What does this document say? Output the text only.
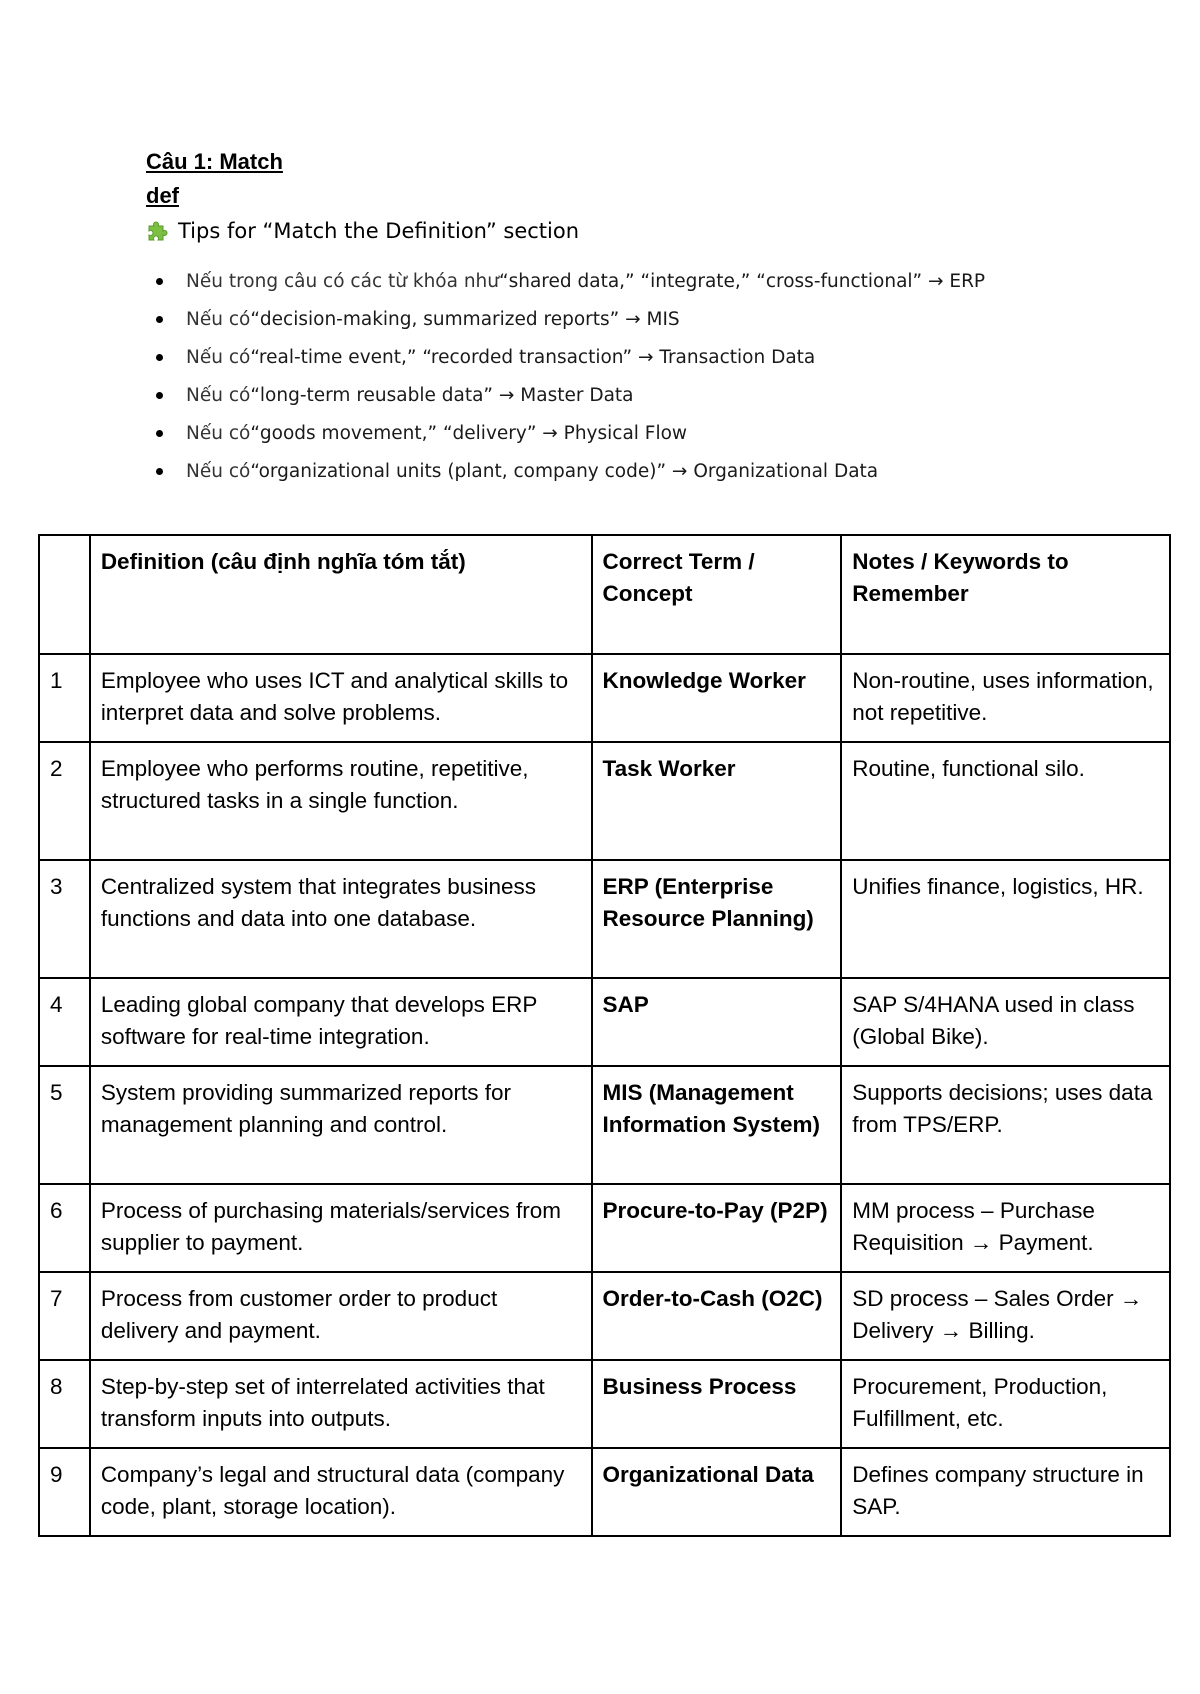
Câu 1: Match
def
Tips for “Match the Definition” section
Nếu trong câu có các từ khóa như “shared data,” “integrate,” “cross-functional” → ERP
Nếu có “decision-making, summarized reports” → MIS
Nếu có “real-time event,” “recorded transaction” → Transaction Data
Nếu có “long-term reusable data” → Master Data
Nếu có “goods movement,” “delivery” → Physical Flow
Nếu có “organizational units (plant, company code)” → Organizational Data
	Definition (câu định nghĩa tóm tắt)	Correct Term / Concept	Notes / Keywords to Remember
1	Employee who uses ICT and analytical skills to interpret data and solve problems.	Knowledge Worker	Non-routine, uses information, not repetitive.
2	Employee who performs routine, repetitive, structured tasks in a single function.	Task Worker	Routine, functional silo.
3	Centralized system that integrates business functions and data into one database.	ERP (Enterprise Resource Planning)	Unifies finance, logistics, HR.
4	Leading global company that develops ERP software for real-time integration.	SAP	SAP S/4HANA used in class (Global Bike).
5	System providing summarized reports for management planning and control.	MIS (Management Information System)	Supports decisions; uses data from TPS/ERP.
6	Process of purchasing materials/services from supplier to payment.	Procure-to-Pay (P2P)	MM process – Purchase Requisition → Payment.
7	Process from customer order to product delivery and payment.	Order-to-Cash (O2C)	SD process – Sales Order → Delivery → Billing.
8	Step-by-step set of interrelated activities that transform inputs into outputs.	Business Process	Procurement, Production, Fulfillment, etc.
9	Company’s legal and structural data (company code, plant, storage location).	Organizational Data	Defines company structure in SAP.
